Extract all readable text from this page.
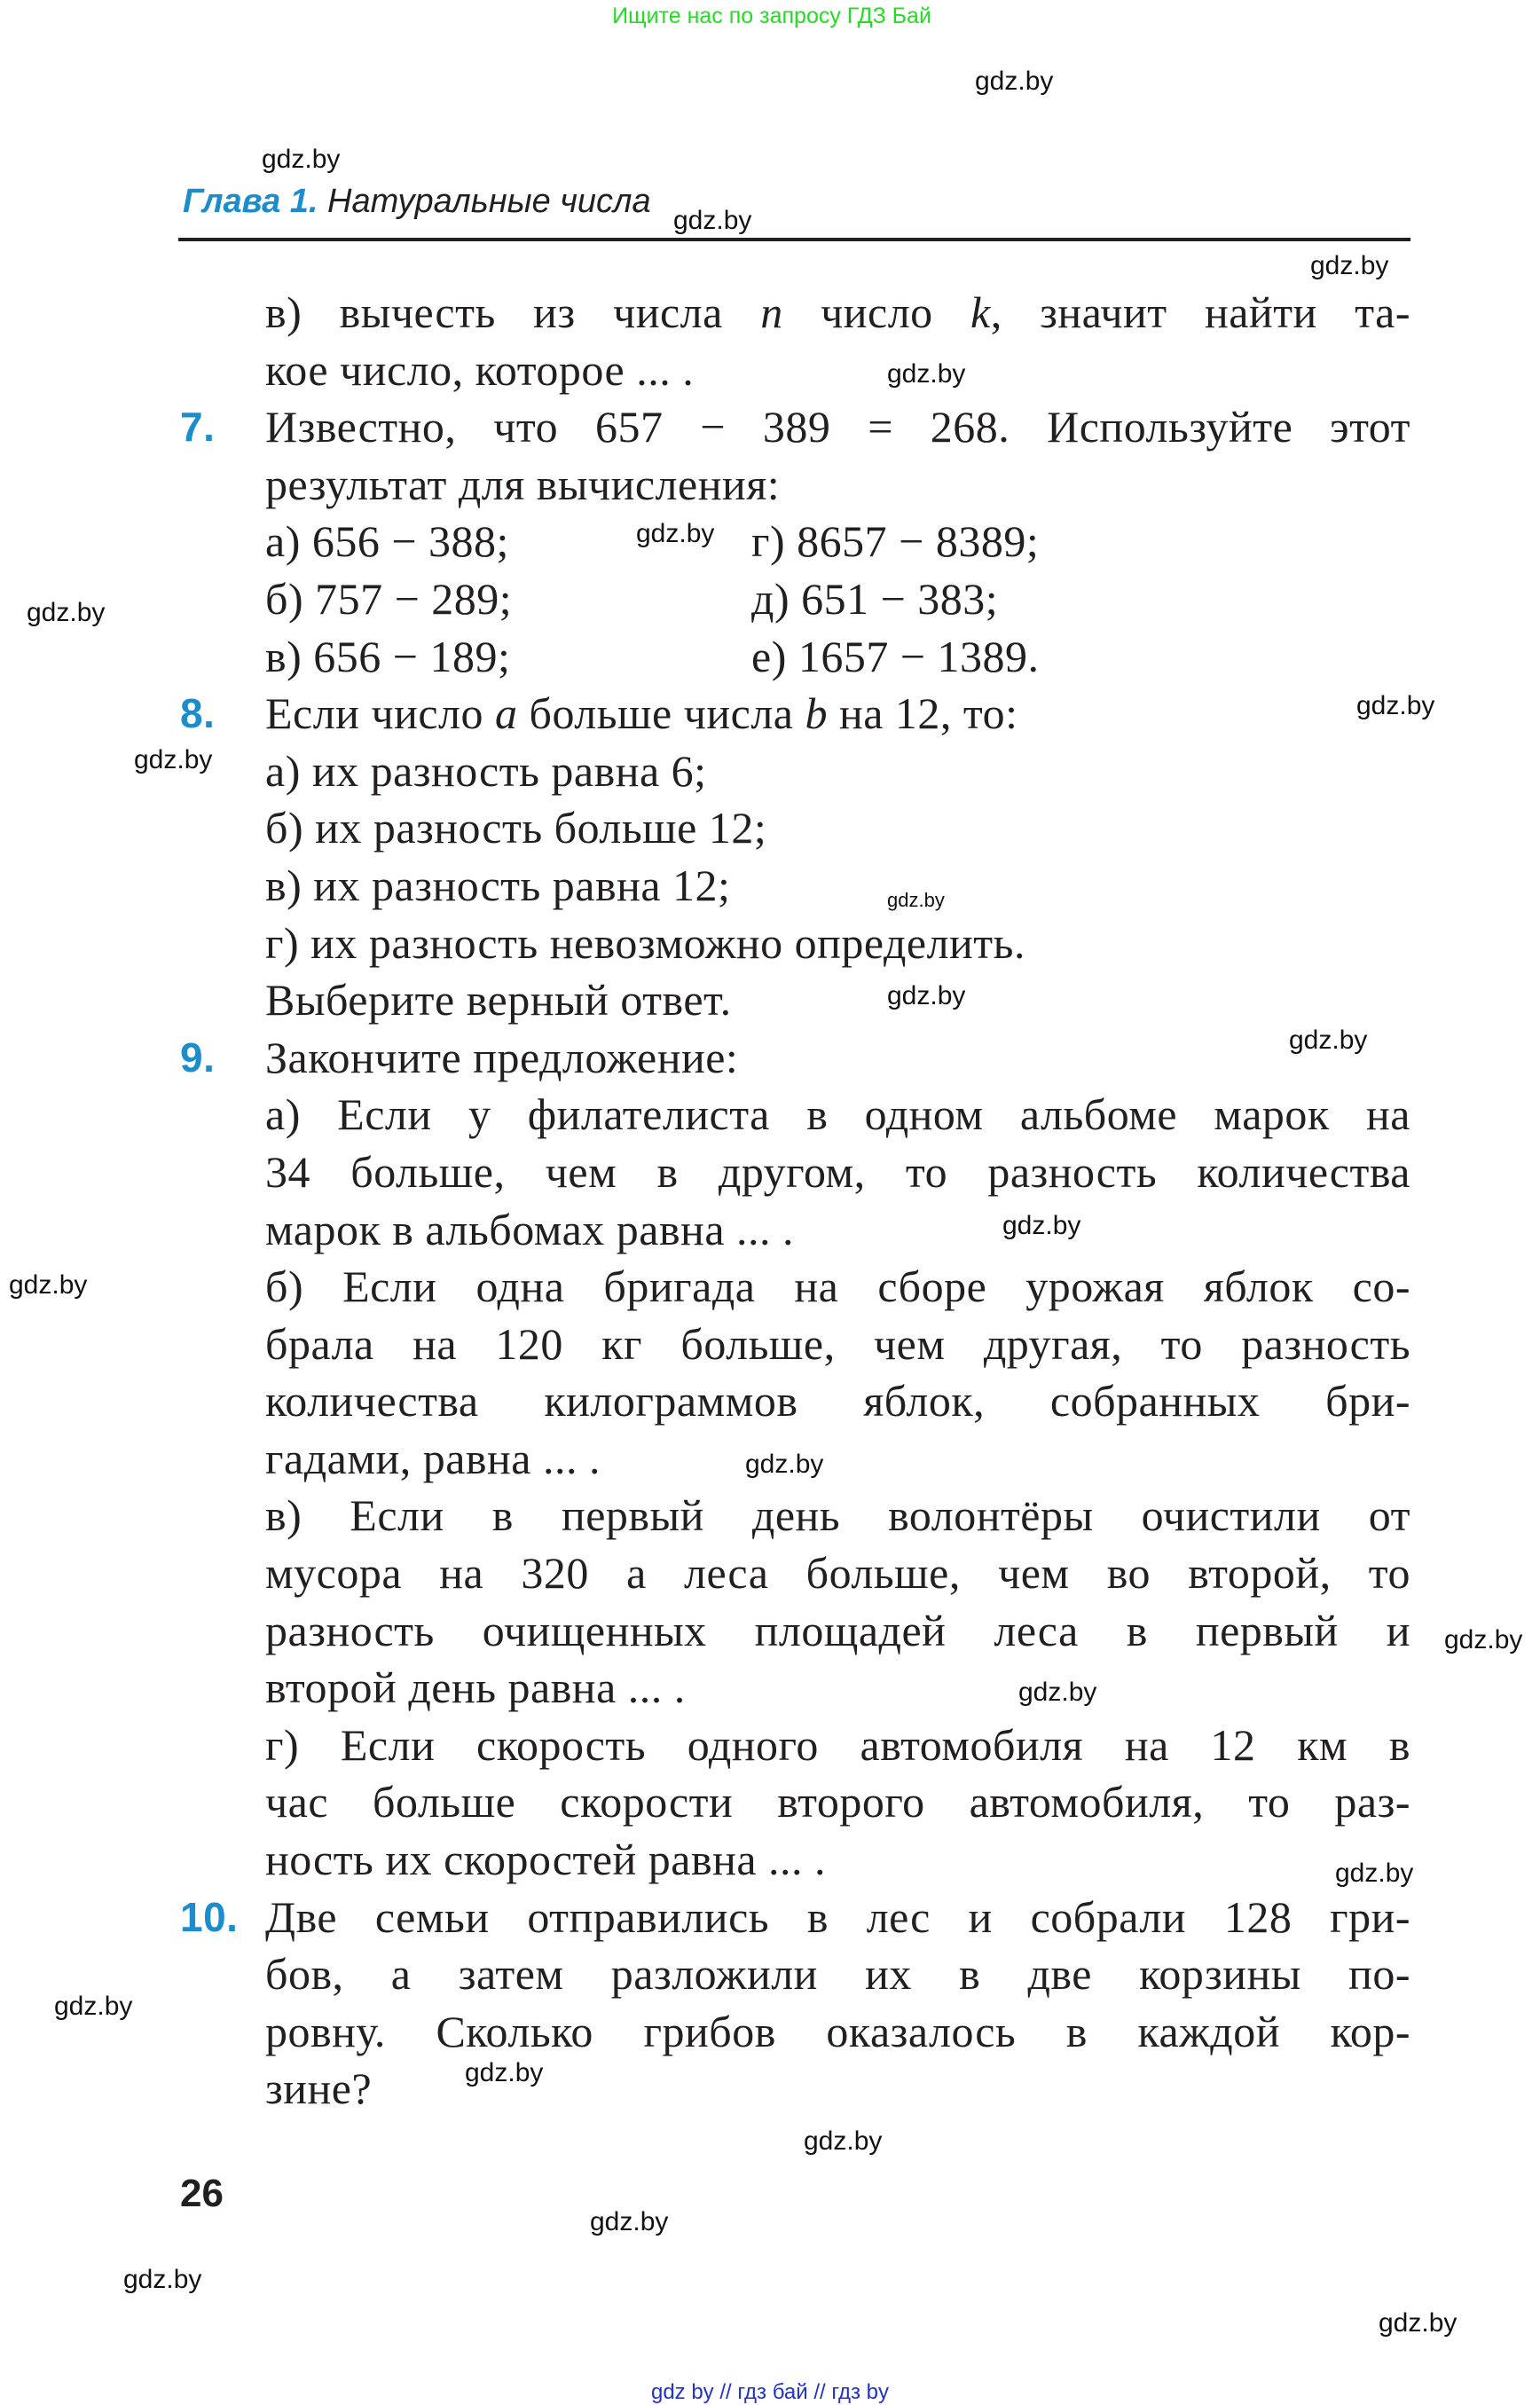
Ищите нас по запросу ГДЗ Бай
Глава 1. Натуральные числа
в) вычесть из числа n число k, значит найти та-
кое число, которое ... .
7. Известно, что 657 − 389 = 268. Используйте этот
результат для вычисления:
а) 656 − 388;	г) 8657 − 8389;
б) 757 − 289;	д) 651 − 383;
в) 656 − 189;	е) 1657 − 1389.
8. Если число a больше числа b на 12, то:
а) их разность равна 6;
б) их разность больше 12;
в) их разность равна 12;
г) их разность невозможно определить.
Выберите верный ответ.
9. Закончите предложение:
а) Если у филателиста в одном альбоме марок на
34 больше, чем в другом, то разность количества
марок в альбомах равна ... .
б) Если одна бригада на сборе урожая яблок со-
брала на 120 кг больше, чем другая, то разность
количества килограммов яблок, собранных бри-
гадами, равна ... .
в) Если в первый день волонтёры очистили от
мусора на 320 а леса больше, чем во второй, то
разность очищенных площадей леса в первый и
второй день равна ... .
г) Если скорость одного автомобиля на 12 км в
час больше скорости второго автомобиля, то раз-
ность их скоростей равна ... .
10. Две семьи отправились в лес и собрали 128 гри-
бов, а затем разложили их в две корзины по-
ровну. Сколько грибов оказалось в каждой кор-
зине?
26
gdz.by
gdz.by
gdz.by
gdz.by
gdz.by
gdz.by
gdz.by
gdz.by
gdz.by
gdz.by
gdz.by
gdz.by
gdz.by
gdz.by
gdz.by
gdz.by
gdz.by
gdz.by
gdz.by
gdz.by
gdz.by
gdz.by
gdz.by
gdz.by
gdz by // гдз бай // гдз by
